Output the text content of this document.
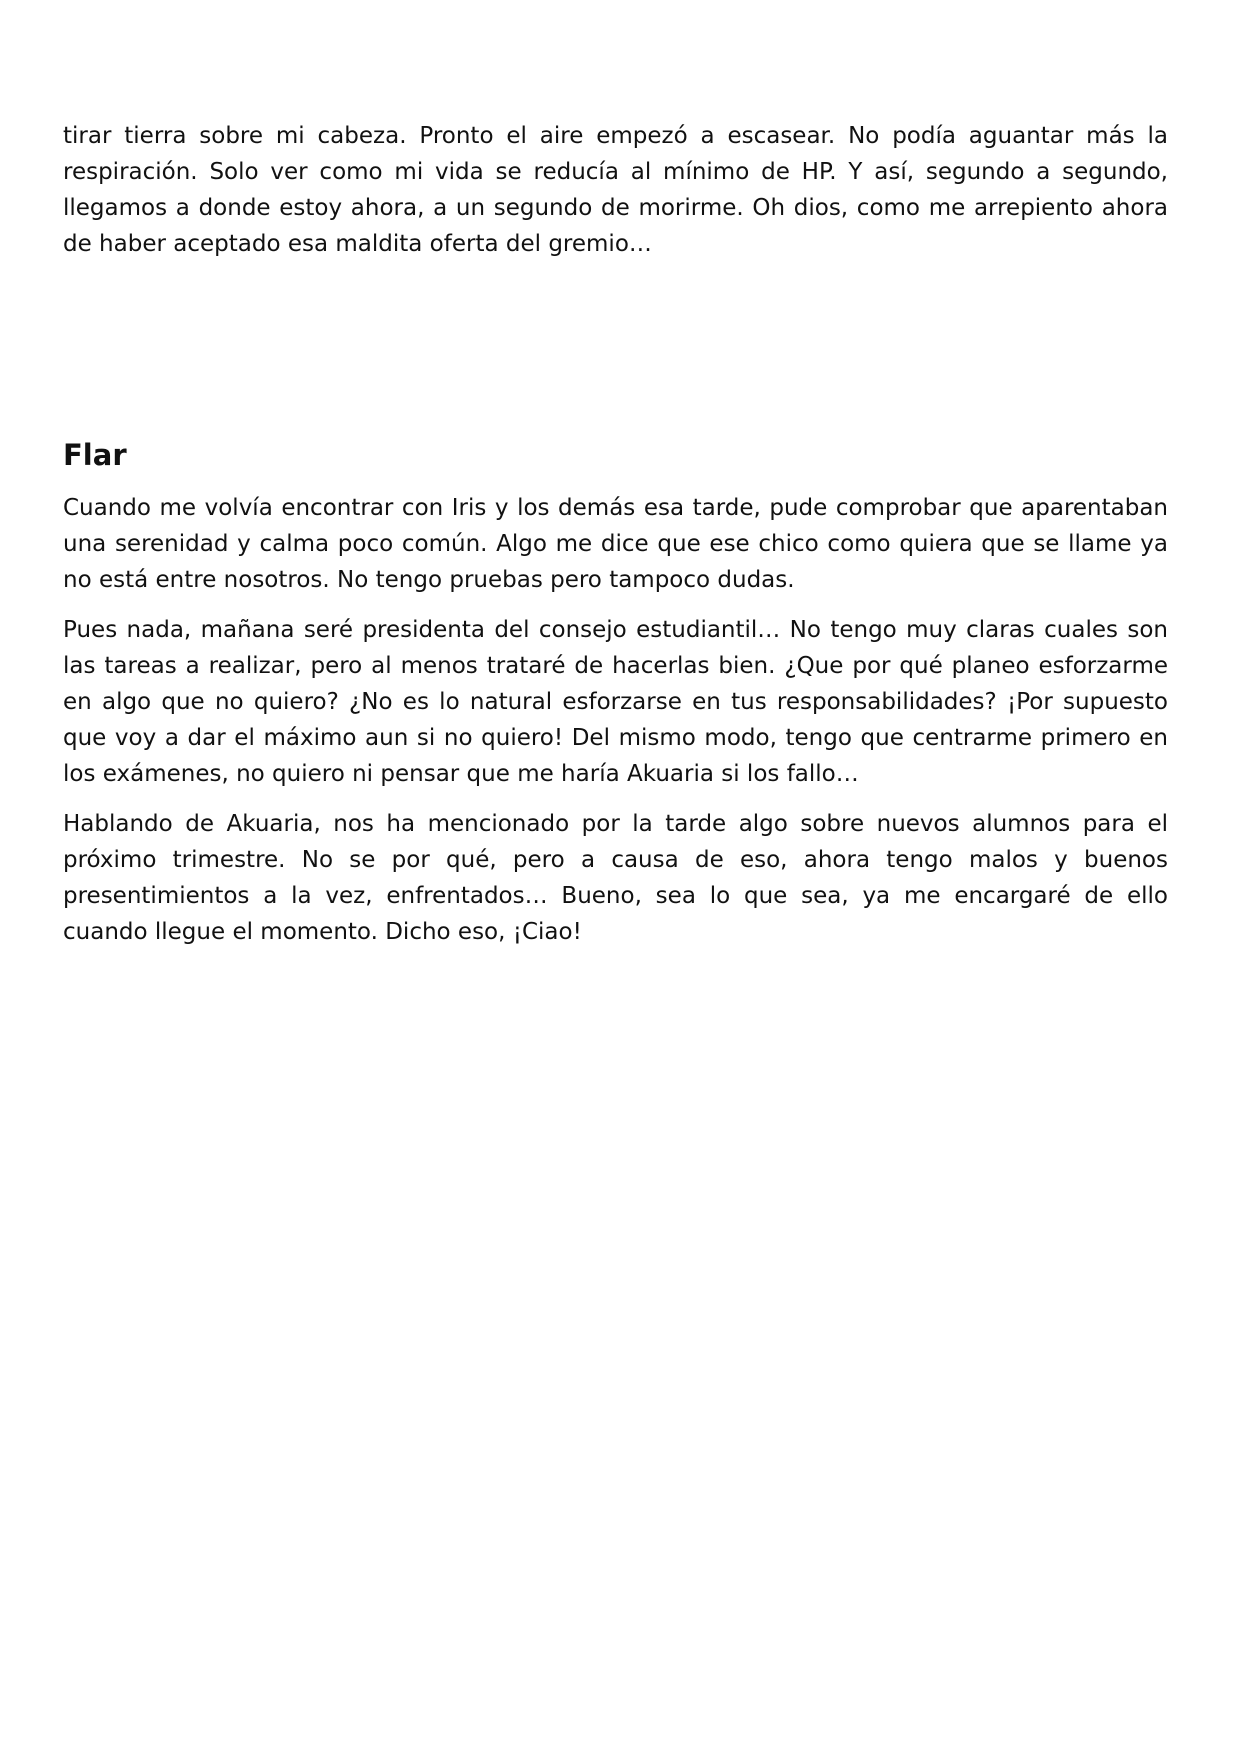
tirar tierra sobre mi cabeza. Pronto el aire empezó a escasear. No podía aguantar más la respiración. Solo ver como mi vida se reducía al mínimo de HP. Y así, segundo a segundo, llegamos a donde estoy ahora, a un segundo de morirme. Oh dios, como me arrepiento ahora de haber aceptado esa maldita oferta del gremio…

Flar

Cuando me volvía encontrar con Iris y los demás esa tarde, pude comprobar que aparentaban una serenidad y calma poco común. Algo me dice que ese chico como quiera que se llame ya no está entre nosotros. No tengo pruebas pero tampoco dudas.

Pues nada, mañana seré presidenta del consejo estudiantil… No tengo muy claras cuales son las tareas a realizar, pero al menos trataré de hacerlas bien. ¿Que por qué planeo esforzarme en algo que no quiero? ¿No es lo natural esforzarse en tus responsabilidades? ¡Por supuesto que voy a dar el máximo aun si no quiero! Del mismo modo, tengo que centrarme primero en los exámenes, no quiero ni pensar que me haría Akuaria si los fallo…

Hablando de Akuaria, nos ha mencionado por la tarde algo sobre nuevos alumnos para el próximo trimestre. No se por qué, pero a causa de eso, ahora tengo malos y buenos presentimientos a la vez, enfrentados… Bueno, sea lo que sea, ya me encargaré de ello cuando llegue el momento. Dicho eso, ¡Ciao!
